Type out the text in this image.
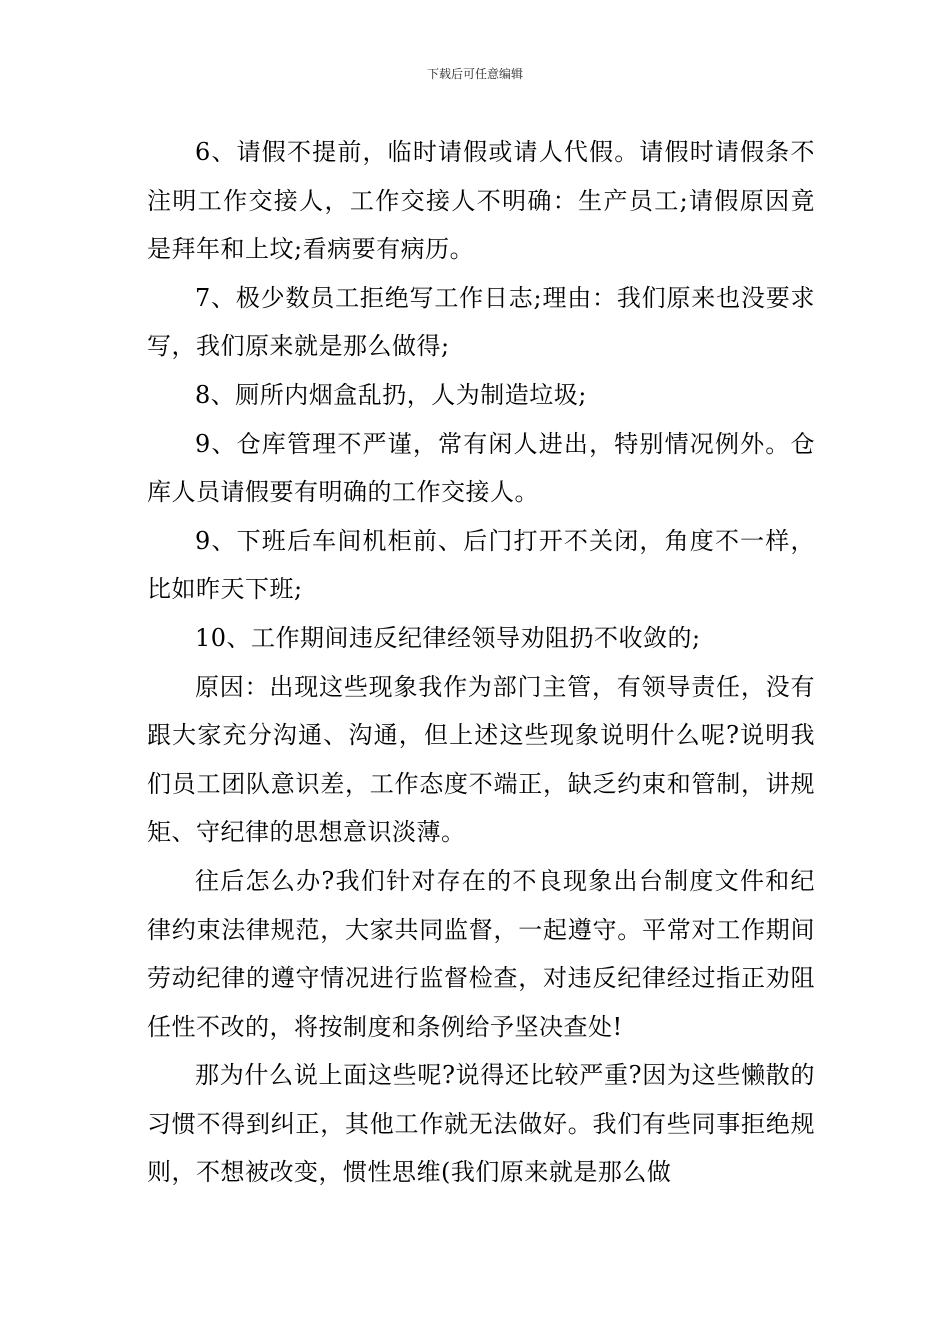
下载后可任意编辑

6、请假不提前，临时请假或请人代假。请假时请假条不注明工作交接人，工作交接人不明确：生产员工;请假原因竟是拜年和上坟;看病要有病历。

7、极少数员工拒绝写工作日志;理由：我们原来也没要求写，我们原来就是那么做得;

8、厕所内烟盒乱扔，人为制造垃圾;

9、仓库管理不严谨，常有闲人进出，特别情况例外。仓库人员请假要有明确的工作交接人。

9、下班后车间机柜前、后门打开不关闭，角度不一样，比如昨天下班;

10、工作期间违反纪律经领导劝阻扔不收敛的;

原因：出现这些现象我作为部门主管，有领导责任，没有跟大家充分沟通、沟通，但上述这些现象说明什么呢?说明我们员工团队意识差，工作态度不端正，缺乏约束和管制，讲规矩、守纪律的思想意识淡薄。

往后怎么办?我们针对存在的不良现象出台制度文件和纪律约束法律规范，大家共同监督，一起遵守。平常对工作期间劳动纪律的遵守情况进行监督检查，对违反纪律经过指正劝阻任性不改的，将按制度和条例给予坚决查处!

那为什么说上面这些呢?说得还比较严重?因为这些懒散的习惯不得到纠正，其他工作就无法做好。我们有些同事拒绝规则，不想被改变，惯性思维(我们原来就是那么做
